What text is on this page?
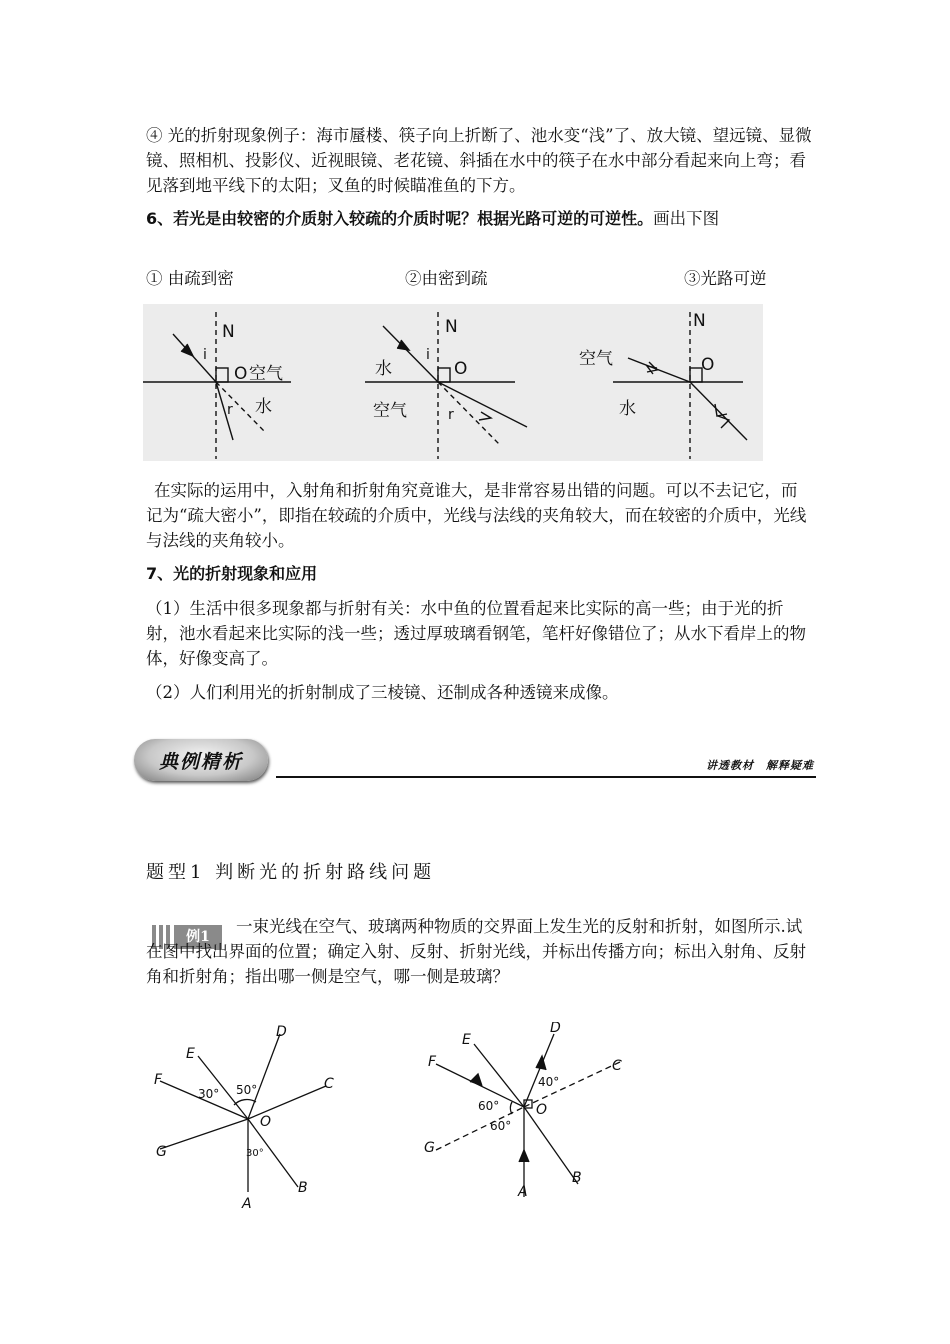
④ 光的折射现象例子：海市蜃楼、筷子向上折断了、池水变“浅”了、放大镜、望远镜、显微镜、照相机、投影仪、近视眼镜、老花镜、斜插在水中的筷子在水中部分看起来向上弯；看见落到地平线下的太阳；叉鱼的时候瞄准鱼的下方。

6、若光是由较密的介质射入较疏的介质时呢？根据光路可逆的可逆性。画出下图

① 由疏到密	②由密到疏	③光路可逆
N
i
O 空气
r 水
N
水
i
O
空气	r
N
空气	O
水

在实际的运用中，入射角和折射角究竟谁大，是非常容易出错的问题。可以不去记它，而记为“疏大密小”，即指在较疏的介质中，光线与法线的夹角较大，而在较密的介质中，光线与法线的夹角较小。

7、光的折射现象和应用

（1）生活中很多现象都与折射有关：水中鱼的位置看起来比实际的高一些；由于光的折射，池水看起来比实际的浅一些；透过厚玻璃看钢笔，笔杆好像错位了；从水下看岸上的物体，好像变高了。

（2）人们利用光的折射制成了三棱镜、还制成各种透镜来成像。

典例精析	讲透教材　解释疑难
题型1 判断光的折射路线问题
例1

一束光线在空气、玻璃两种物质的交界面上发生光的反射和折射，如图所示.试在图中找出界面的位置；确定入射、反射、折射光线，并标出传播方向；标出入射角、反射角和折射角；指出哪一侧是空气，哪一侧是玻璃？

D
E
F	C
O
G
B
A
F
E
D
C
O
G
B
A
30° 50°
30°
40°
60°
60°
